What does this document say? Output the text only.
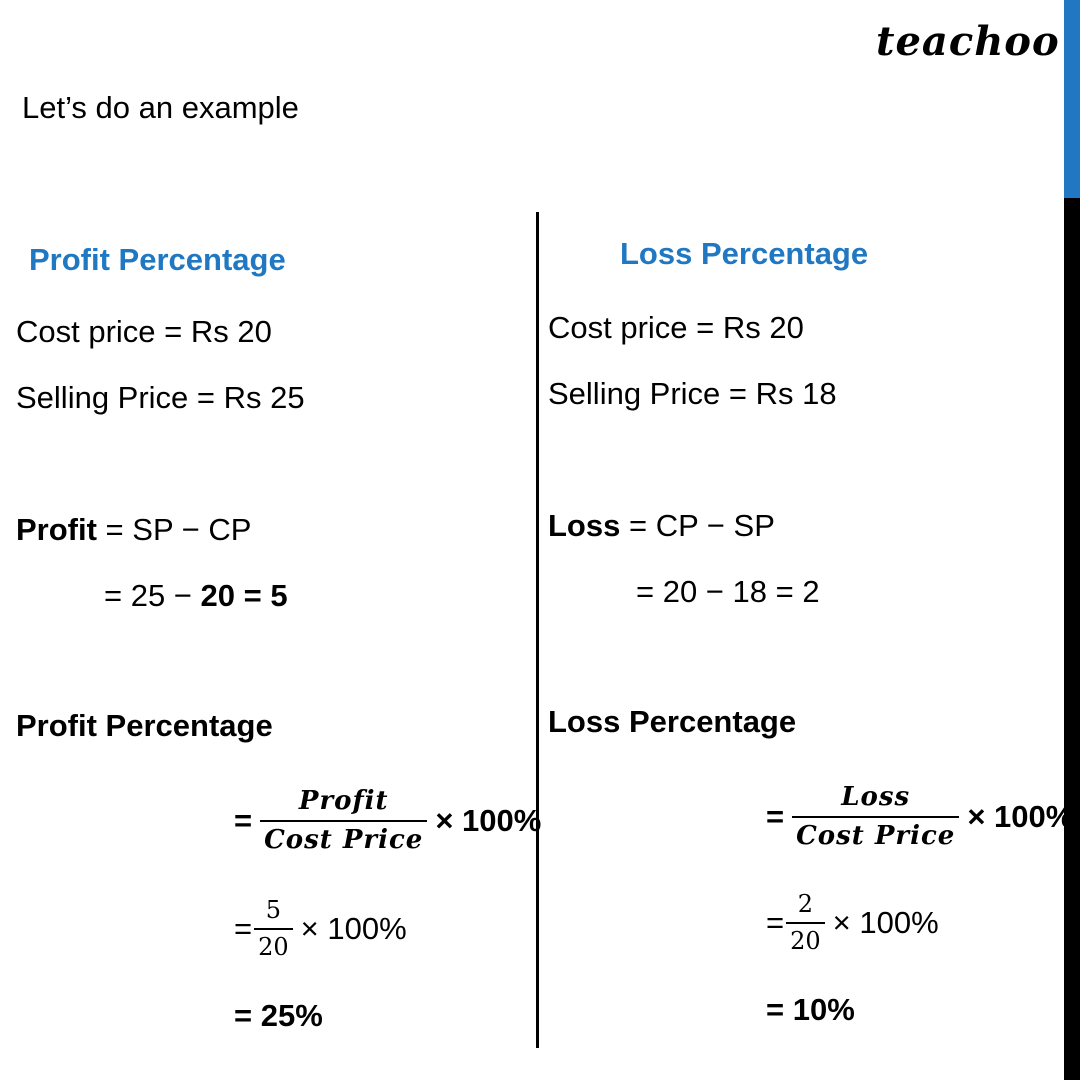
teachoo
Let’s do an example
Profit Percentage
Cost price = Rs 20
Selling Price = Rs 25
Profit = SP − CP
= 25 − 20 = 5
Profit Percentage
= $\frac{\text{Profit}}{\text{Cost Price}} \times 100\%$
= $\frac{5}{20} \times 100\%$
= 25%
Loss Percentage
Cost price = Rs 20
Selling Price = Rs 18
Loss = CP − SP
= 20 − 18 = 2
Loss Percentage
= $\frac{\text{Loss}}{\text{Cost Price}} \times 100\%$
= $\frac{2}{20} \times 100\%$
= 10%
